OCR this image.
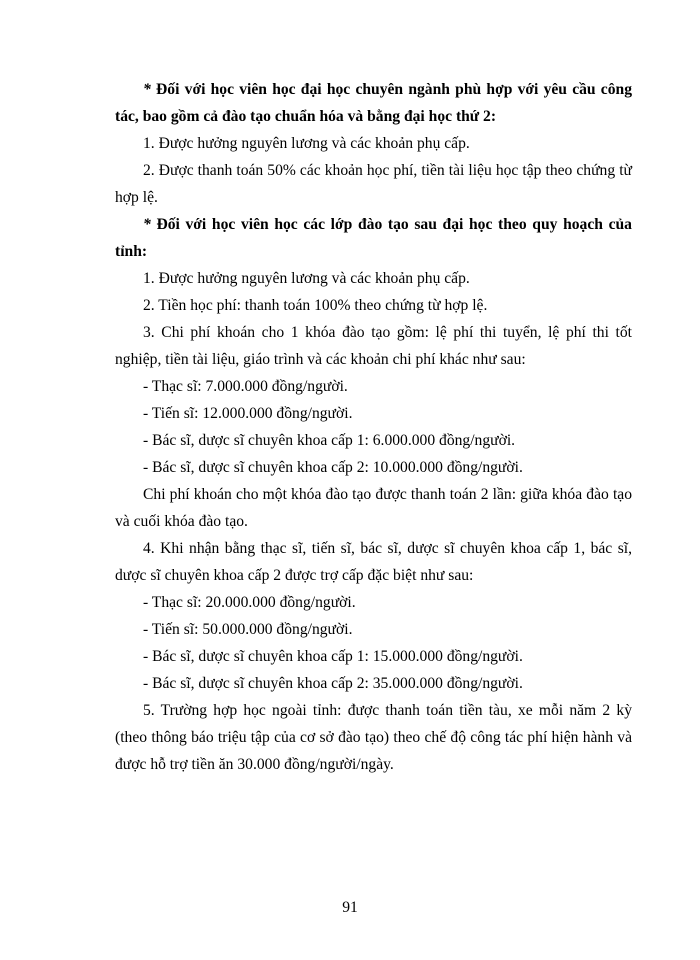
* Đối với học viên học đại học chuyên ngành phù hợp với yêu cầu công tác, bao gồm cả đào tạo chuẩn hóa và bằng đại học thứ 2:

1. Được hưởng nguyên lương và các khoản phụ cấp.

2. Được thanh toán 50% các khoản học phí, tiền tài liệu học tập theo chứng từ hợp lệ.

* Đối với học viên học các lớp đào tạo sau đại học theo quy hoạch của tỉnh:

1. Được hưởng nguyên lương và các khoản phụ cấp.

2. Tiền học phí: thanh toán 100% theo chứng từ hợp lệ.

3. Chi phí khoán cho 1 khóa đào tạo gồm: lệ phí thi tuyển, lệ phí thi tốt nghiệp, tiền tài liệu, giáo trình và các khoản chi phí khác như sau:

- Thạc sĩ: 7.000.000 đồng/người.

- Tiến sĩ: 12.000.000 đồng/người.

- Bác sĩ, dược sĩ chuyên khoa cấp 1: 6.000.000 đồng/người.

- Bác sĩ, dược sĩ chuyên khoa cấp 2: 10.000.000 đồng/người.

Chi phí khoán cho một khóa đào tạo được thanh toán 2 lần: giữa khóa đào tạo và cuối khóa đào tạo.

4. Khi nhận bằng thạc sĩ, tiến sĩ, bác sĩ, dược sĩ chuyên khoa cấp 1, bác sĩ, dược sĩ chuyên khoa cấp 2 được trợ cấp đặc biệt như sau:

- Thạc sĩ: 20.000.000 đồng/người.

- Tiến sĩ: 50.000.000 đồng/người.

- Bác sĩ, dược sĩ chuyên khoa cấp 1: 15.000.000 đồng/người.

- Bác sĩ, dược sĩ chuyên khoa cấp 2: 35.000.000 đồng/người.

5. Trường hợp học ngoài tỉnh: được thanh toán tiền tàu, xe mỗi năm 2 kỳ (theo thông báo triệu tập của cơ sở đào tạo) theo chế độ công tác phí hiện hành và được hỗ trợ tiền ăn 30.000 đồng/người/ngày.

91
